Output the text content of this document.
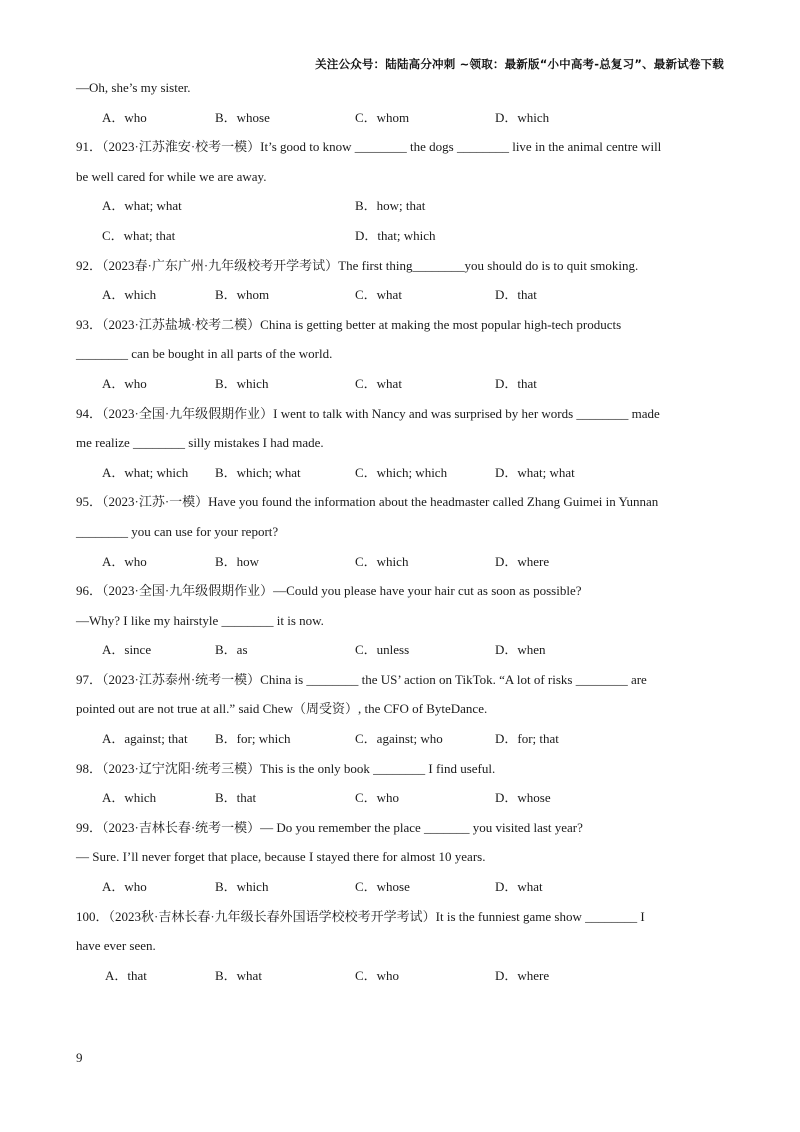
关注公众号：陆陆高分冲刺 ~领取：最新版“小中高考-总复习”、最新试卷下载
—Oh, she’s my sister.
A．who	B．whose	C．whom	D．which
91．（2023·江苏淮安·校考一模）It’s good to know ________ the dogs ________ live in the animal centre will
be well cared for while we are away.
A．what; what	B．how; that
C．what; that	D．that; which
92．（2023春·广东广州·九年级校考开学考试）The first thing________you should do is to quit smoking.
A．which	B．whom	C．what	D．that
93．（2023·江苏盐城·校考二模）China is getting better at making the most popular high-tech products
________ can be bought in all parts of the world.
A．who	B．which	C．what	D．that
94．（2023·全国·九年级假期作业）I went to talk with Nancy and was surprised by her words ________ made
me realize ________ silly mistakes I had made.
A．what; which B．which; what	C．which; which	D．what; what
95．（2023·江苏·一模）Have you found the information about the headmaster called Zhang Guimei in Yunnan
________ you can use for your report?
A．who	B．how	C．which	D．where
96．（2023·全国·九年级假期作业）—Could you please have your hair cut as soon as possible?
—Why? I like my hairstyle ________ it is now.
A．since	B．as	C．unless	D．when
97．（2023·江苏泰州·统考一模）China is ________ the US’ action on TikTok. “A lot of risks ________ are
pointed out are not true at all.” said Chew（周受资）, the CFO of ByteDance.
A．against; that B．for; which	C．against; who	D．for; that
98．（2023·辽宁沈阳·统考三模）This is the only book ________ I find useful.
A．which	B．that	C．who	D．whose
99．（2023·吉林长春·统考一模）— Do you remember the place _______ you visited last year?
— Sure. I’ll never forget that place, because I stayed there for almost 10 years.
A．who	B．which	C．whose	D．what
100．（2023秋·吉林长春·九年级长春外国语学校校考开学考试）It is the funniest game show ________ I
have ever seen.
A．that	B．what	C．who	D．where
9
